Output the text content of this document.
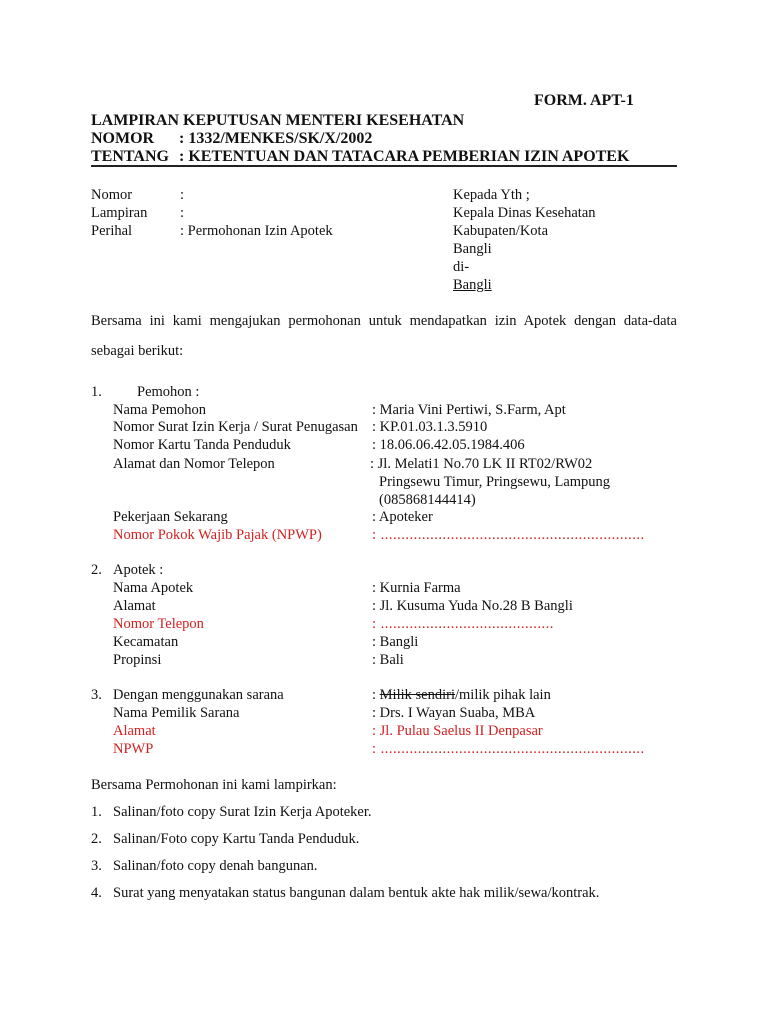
FORM. APT-1
LAMPIRAN KEPUTUSAN MENTERI KESEHATAN
NOMOR : 1332/MENKES/SK/X/2002
TENTANG : KETENTUAN DAN TATACARA PEMBERIAN IZIN APOTEK
Nomor	:
Lampiran :
Perihal	: Permohonan Izin Apotek
Kepada Yth ;
Kepala Dinas Kesehatan
Kabupaten/Kota
Bangli
di-
Bangli
Bersama ini kami mengajukan permohonan untuk mendapatkan izin Apotek dengan data-data
sebagai berikut:
1. Pemohon :
Nama Pemohon	: Maria Vini Pertiwi, S.Farm, Apt
Nomor Surat Izin Kerja / Surat Penugasan : KP.01.03.1.3.5910
Nomor Kartu Tanda Penduduk	: 18.06.06.42.05.1984.406
Alamat dan Nomor Telepon	: Jl. Melati1 No.70 LK II RT02/RW02
Pringsewu Timur, Pringsewu, Lampung
(085868144414)
Pekerjaan Sekarang	: Apoteker
Nomor Pokok Wajib Pajak (NPWP)	: ................................................................
2. Apotek :
Nama Apotek	: Kurnia Farma
Alamat	: Jl. Kusuma Yuda No.28 B Bangli
Nomor Telepon	: ..........................................
Kecamatan	: Bangli
Propinsi	: Bali
3. Dengan menggunakan sarana	: Milik sendiri/milik pihak lain
Nama Pemilik Sarana	: Drs. I Wayan Suaba, MBA
Alamat	: Jl. Pulau Saelus II Denpasar
NPWP	: ................................................................
Bersama Permohonan ini kami lampirkan:
1. Salinan/foto copy Surat Izin Kerja Apoteker.
2. Salinan/Foto copy Kartu Tanda Penduduk.
3. Salinan/foto copy denah bangunan.
4. Surat yang menyatakan status bangunan dalam bentuk akte hak milik/sewa/kontrak.
